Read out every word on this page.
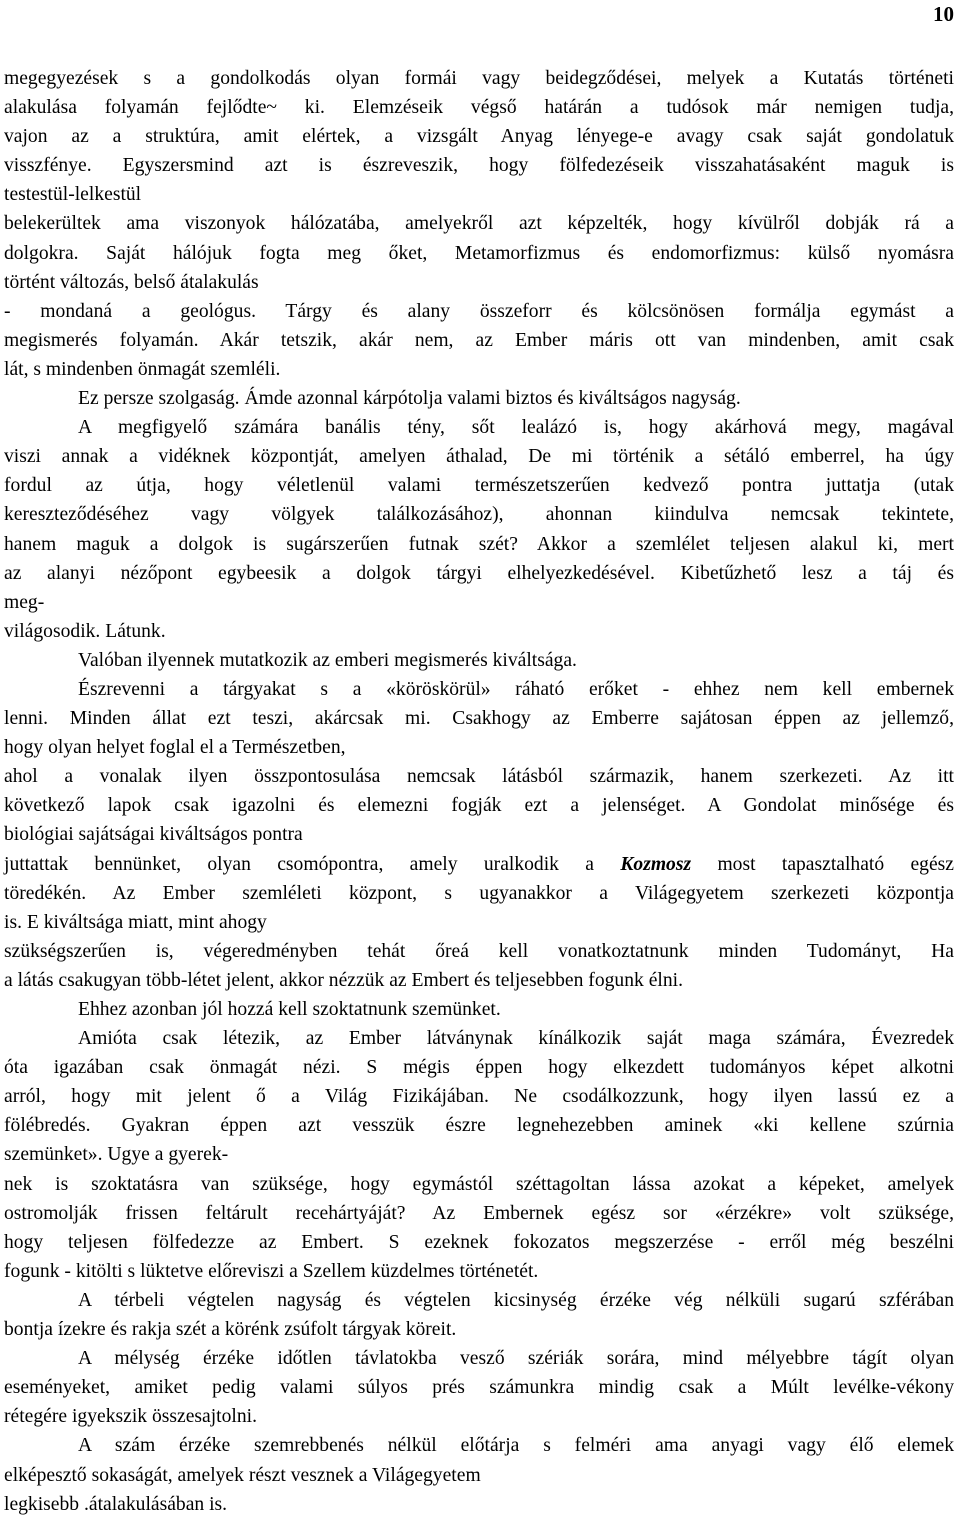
10

megegyezések s a gondolkodás olyan formái vagy beidegződései, melyek a Kutatás történeti
alakulása folyamán fejlődte~ ki. Elemzéseik végső határán a tudósok már nemigen tudja,
vajon az a struktúra, amit elértek, a vizsgált Anyag lényege-e avagy csak saját gondolatuk
visszfénye. Egyszersmind azt is észreveszik, hogy fölfedezéseik visszahatásaként maguk is
testestül-lelkestül
belekerültek ama viszonyok hálózatába, amelyekről azt képzelték, hogy kívülről dobják rá a
dolgokra. Saját hálójuk fogta meg őket, Metamorfizmus és endomorfizmus: külső nyomásra
történt változás, belső átalakulás
- mondaná a geológus. Tárgy és alany összeforr és kölcsönösen formálja egymást a
megismerés folyamán. Akár tetszik, akár nem, az Ember máris ott van mindenben, amit csak
lát, s mindenben önmagát szemléli.

Ez persze szolgaság. Ámde azonnal kárpótolja valami biztos és kiváltságos nagyság.

A megfigyelő számára banális tény, sőt lealázó is, hogy akárhová megy, magával
viszi annak a vidéknek központját, amelyen áthalad, De mi történik a sétáló emberrel, ha úgy
fordul az útja, hogy véletlenül valami természetszerűen kedvező pontra juttatja (utak
kereszteződéséhez vagy völgyek találkozásához), ahonnan kiindulva nemcsak tekintete,
hanem maguk a dolgok is sugárszerűen futnak szét? Akkor a szemlélet teljesen alakul ki, mert
az alanyi nézőpont egybeesik a dolgok tárgyi elhelyezkedésével. Kibetűzhető lesz a táj és
meg-
világosodik. Látunk.

Valóban ilyennek mutatkozik az emberi megismerés kiváltsága.

Észrevenni a tárgyakat s a «köröskörül» ráható erőket - ehhez nem kell embernek
lenni. Minden állat ezt teszi, akárcsak mi. Csakhogy az Emberre sajátosan éppen az jellemző,
hogy olyan helyet foglal el a Természetben,
ahol a vonalak ilyen összpontosulása nemcsak látásból származik, hanem szerkezeti. Az itt
következő lapok csak igazolni és elemezni fogják ezt a jelenséget. A Gondolat minősége és
biológiai sajátságai kiváltságos pontra
juttattak bennünket, olyan csomópontra, amely uralkodik a Kozmosz most tapasztalható egész
töredékén. Az Ember szemléleti központ, s ugyanakkor a Világegyetem szerkezeti központja
is. E kiváltsága miatt, mint ahogy
szükségszerűen is, végeredményben tehát őreá kell vonatkoztatnunk minden Tudományt, Ha
a látás csakugyan több-létet jelent, akkor nézzük az Embert és teljesebben fogunk élni.

Ehhez azonban jól hozzá kell szoktatnunk szemünket.

Amióta csak létezik, az Ember látványnak kínálkozik saját maga számára, Évezredek
óta igazában csak önmagát nézi. S mégis éppen hogy elkezdett tudományos képet alkotni
arról, hogy mit jelent ő a Világ Fizikájában. Ne csodálkozzunk, hogy ilyen lassú ez a
fölébredés. Gyakran éppen azt vesszük észre legnehezebben aminek «ki kellene szúrnia
szemünket». Ugye a gyerek-
nek is szoktatásra van szüksége, hogy egymástól széttagoltan lássa azokat a képeket, amelyek
ostromolják frissen feltárult recehártyáját? Az Embernek egész sor «érzékre» volt szüksége,
hogy teljesen fölfedezze az Embert. S ezeknek fokozatos megszerzése - erről még beszélni
fogunk - kitölti s lüktetve előreviszi a Szellem küzdelmes történetét.

A térbeli végtelen nagyság és végtelen kicsinység érzéke vég nélküli sugarú szférában
bontja ízekre és rakja szét a körénk zsúfolt tárgyak köreit.

A mélység érzéke időtlen távlatokba vesző szériák sorára, mind mélyebbre tágít olyan
eseményeket, amiket pedig valami súlyos prés számunkra mindig csak a Múlt levélke-vékony
rétegére igyekszik összesajtolni.

A szám érzéke szemrebbenés nélkül előtárja s felméri ama anyagi vagy élő elemek
elképesztő sokaságát, amelyek részt vesznek a Világegyetem
legkisebb .átalakulásában is.
